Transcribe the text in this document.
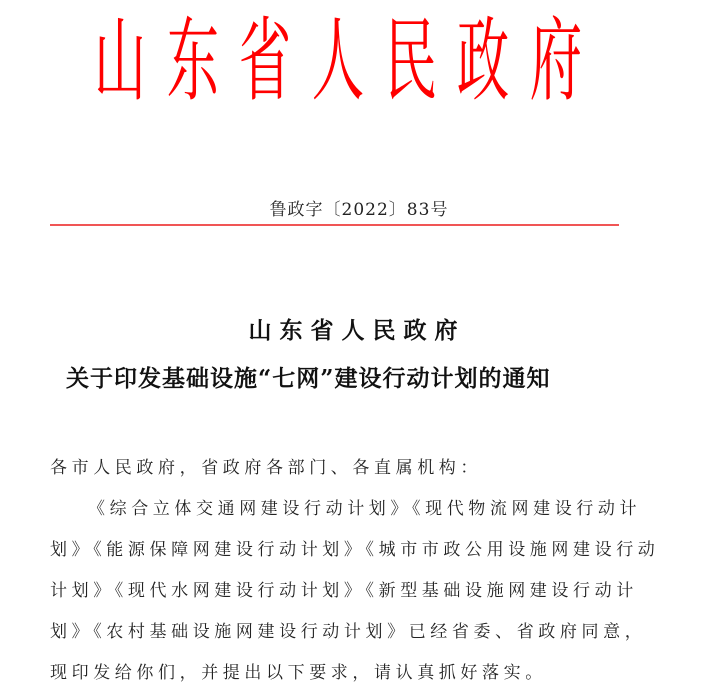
山 东 省 人 民 政 府
鲁政字〔2022〕83号
山东省人民政府
关于印发基础设施“七网”建设行动计划的通知

各市人民政府，省政府各部门、各直属机构：

《综合立体交通网建设行动计划》《现代物流网建设行动计

划》《能源保障网建设行动计划》《城市市政公用设施网建设行动

计划》《现代水网建设行动计划》《新型基础设施网建设行动计

划》《农村基础设施网建设行动计划》已经省委、省政府同意，

现印发给你们，并提出以下要求，请认真抓好落实。
